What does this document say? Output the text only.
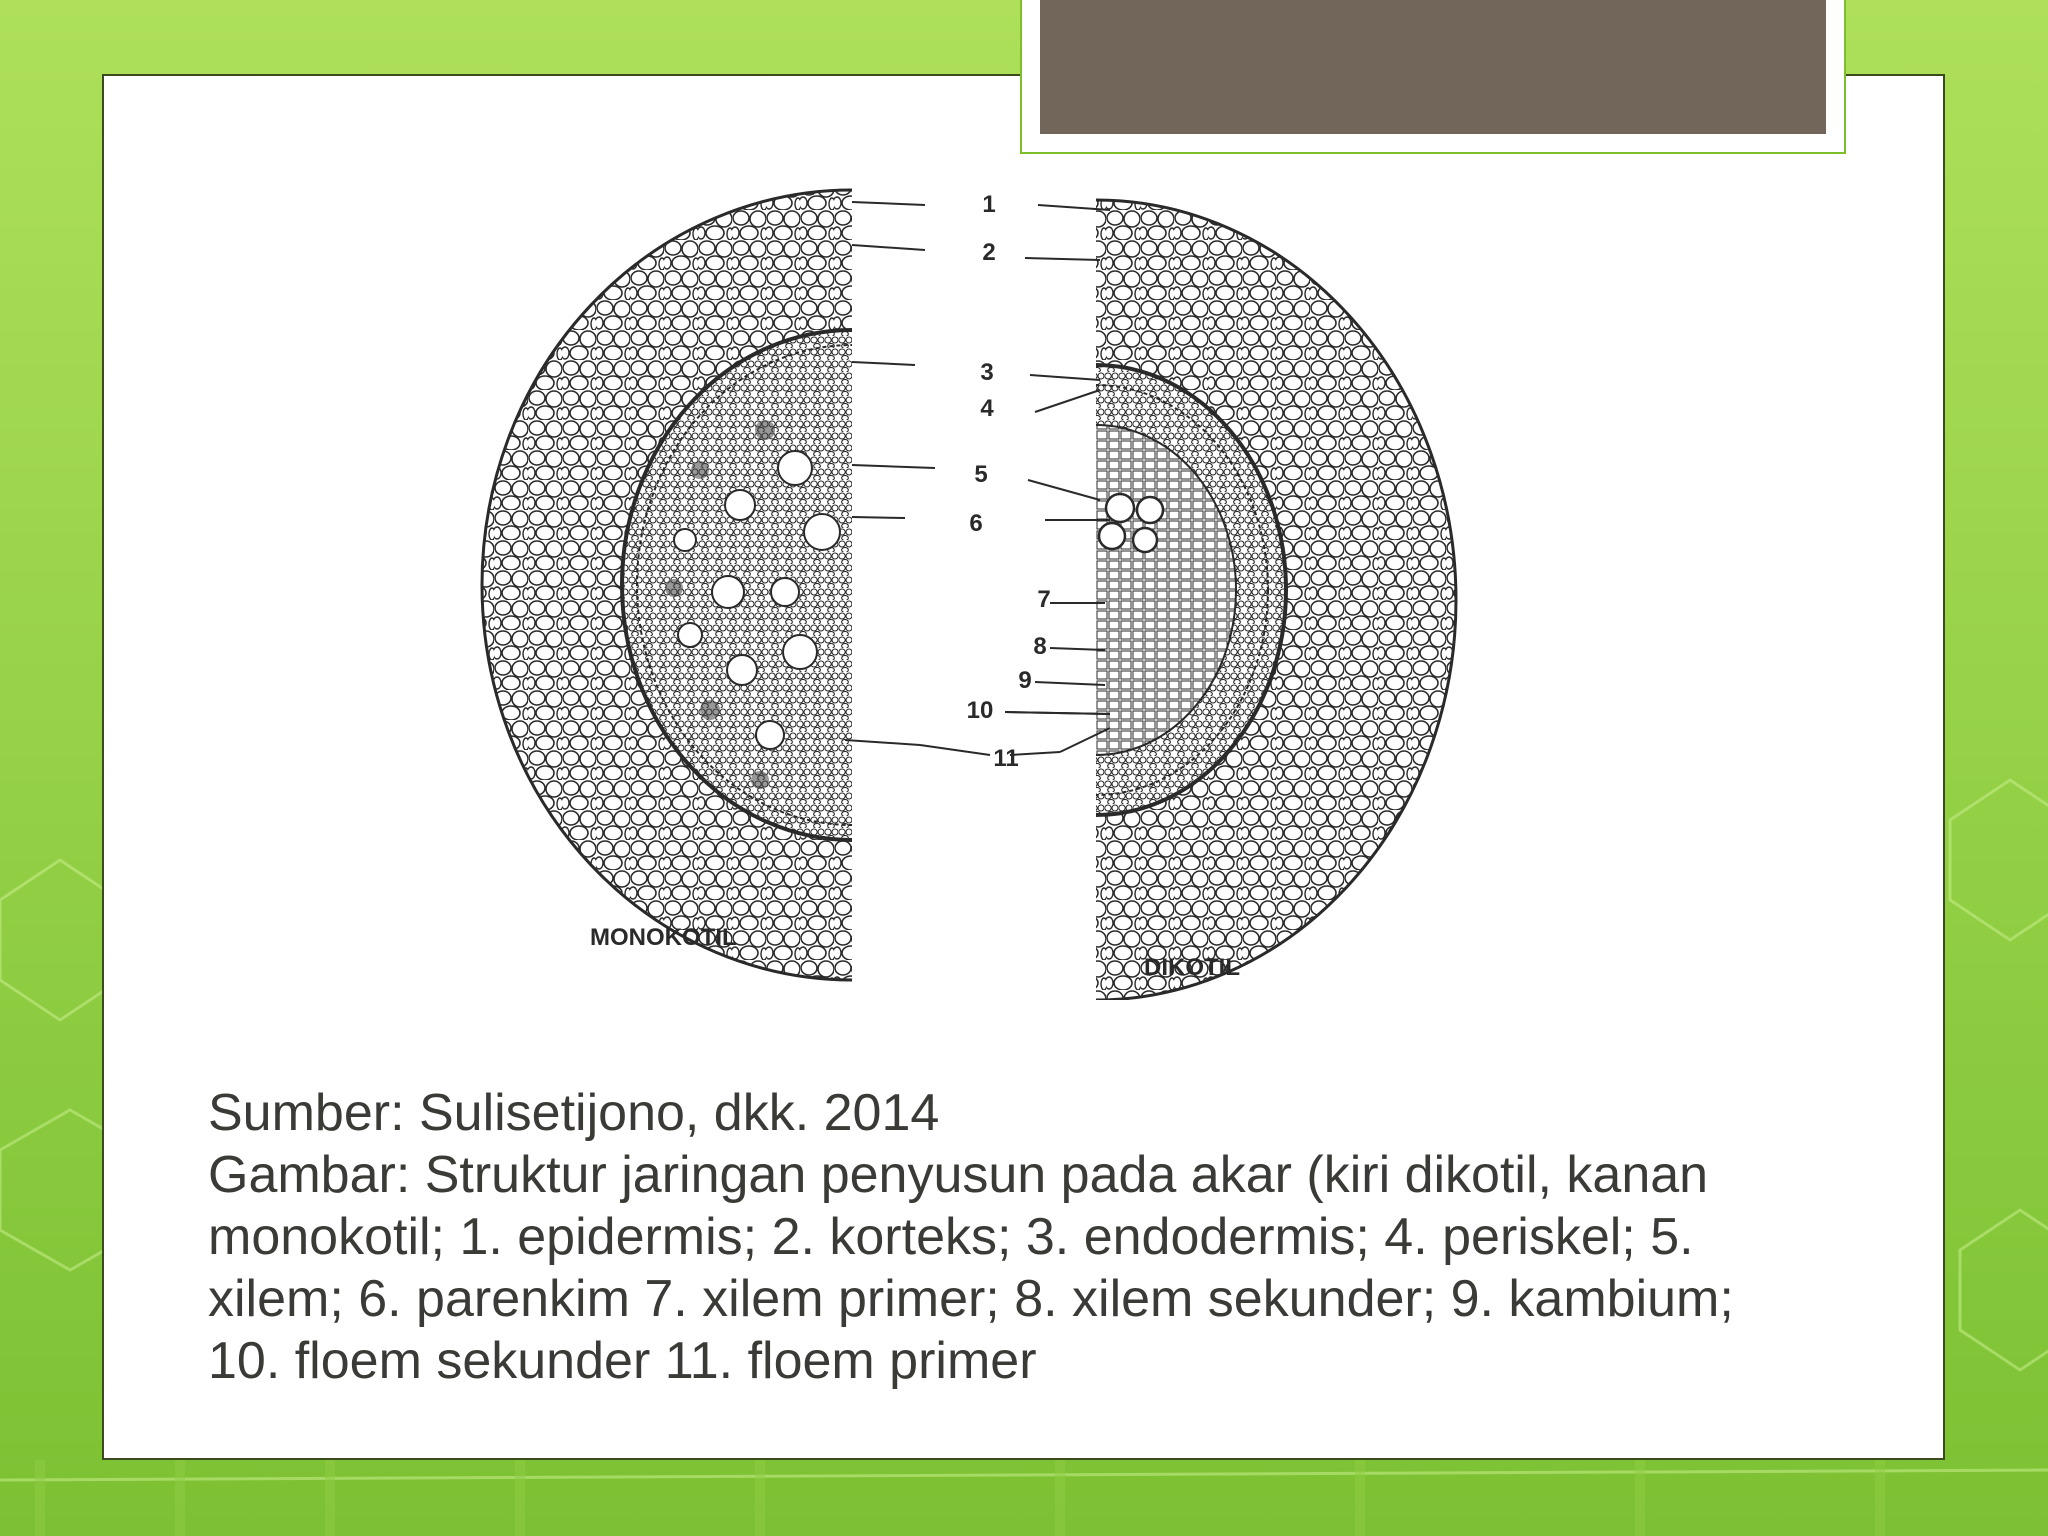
1
2
3
4
5
6
7
8
9
10
11
MONOKOTIL
DIKOTIL
Sumber: Sulisetijono, dkk. 2014
Gambar: Struktur jaringan penyusun pada akar (kiri dikotil, kanan
monokotil; 1. epidermis; 2. korteks; 3. endodermis; 4. periskel; 5.
xilem; 6. parenkim 7. xilem primer; 8. xilem sekunder; 9. kambium;
10. floem sekunder 11. floem primer
